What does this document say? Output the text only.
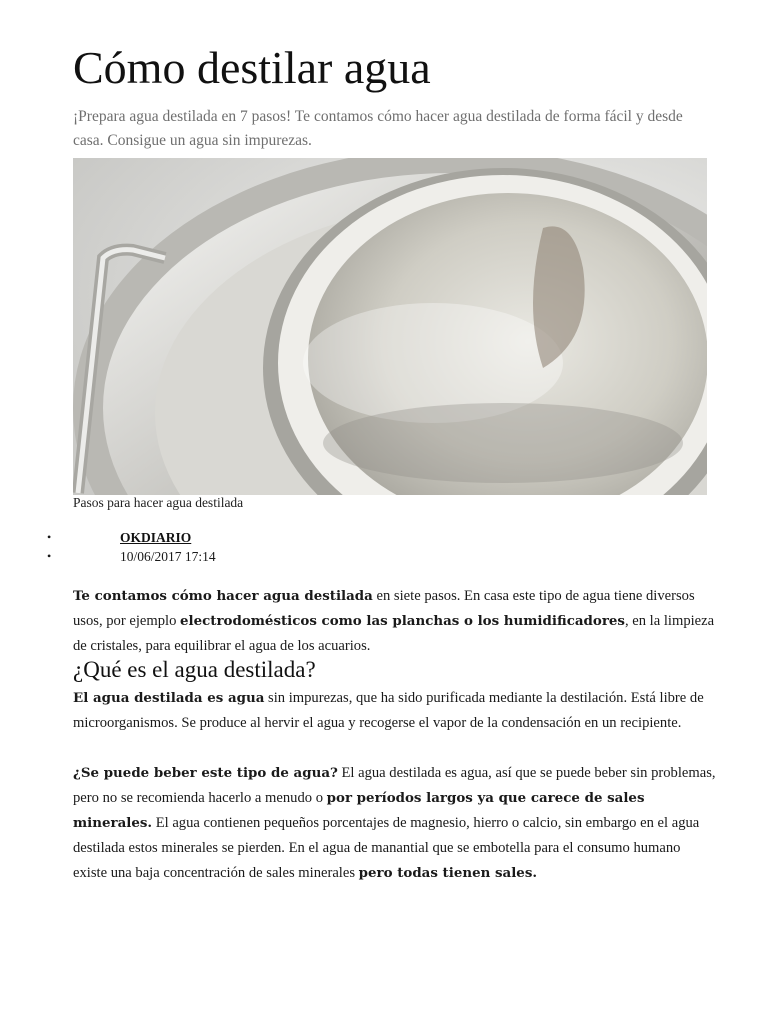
Cómo destilar agua

¡Prepara agua destilada en 7 pasos! Te contamos cómo hacer agua destilada de forma fácil y desde casa. Consigue un agua sin impurezas.

Pasos para hacer agua destilada
•	OKDIARIO
•	10/06/2017 17:14

Te contamos cómo hacer agua destilada en siete pasos. En casa este tipo de agua tiene diversos usos, por ejemplo electrodomésticos como las planchas o los humidificadores, en la limpieza de cristales, para equilibrar el agua de los acuarios.

¿Qué es el agua destilada?

El agua destilada es agua sin impurezas, que ha sido purificada mediante la destilación. Está libre de microorganismos. Se produce al hervir el agua y recogerse el vapor de la condensación en un recipiente.

¿Se puede beber este tipo de agua? El agua destilada es agua, así que se puede beber sin problemas, pero no se recomienda hacerlo a menudo o por períodos largos ya que carece de sales minerales. El agua contienen pequeños porcentajes de magnesio, hierro o calcio, sin embargo en el agua destilada estos minerales se pierden. En el agua de manantial que se embotella para el consumo humano existe una baja concentración de sales minerales pero todas tienen sales.
